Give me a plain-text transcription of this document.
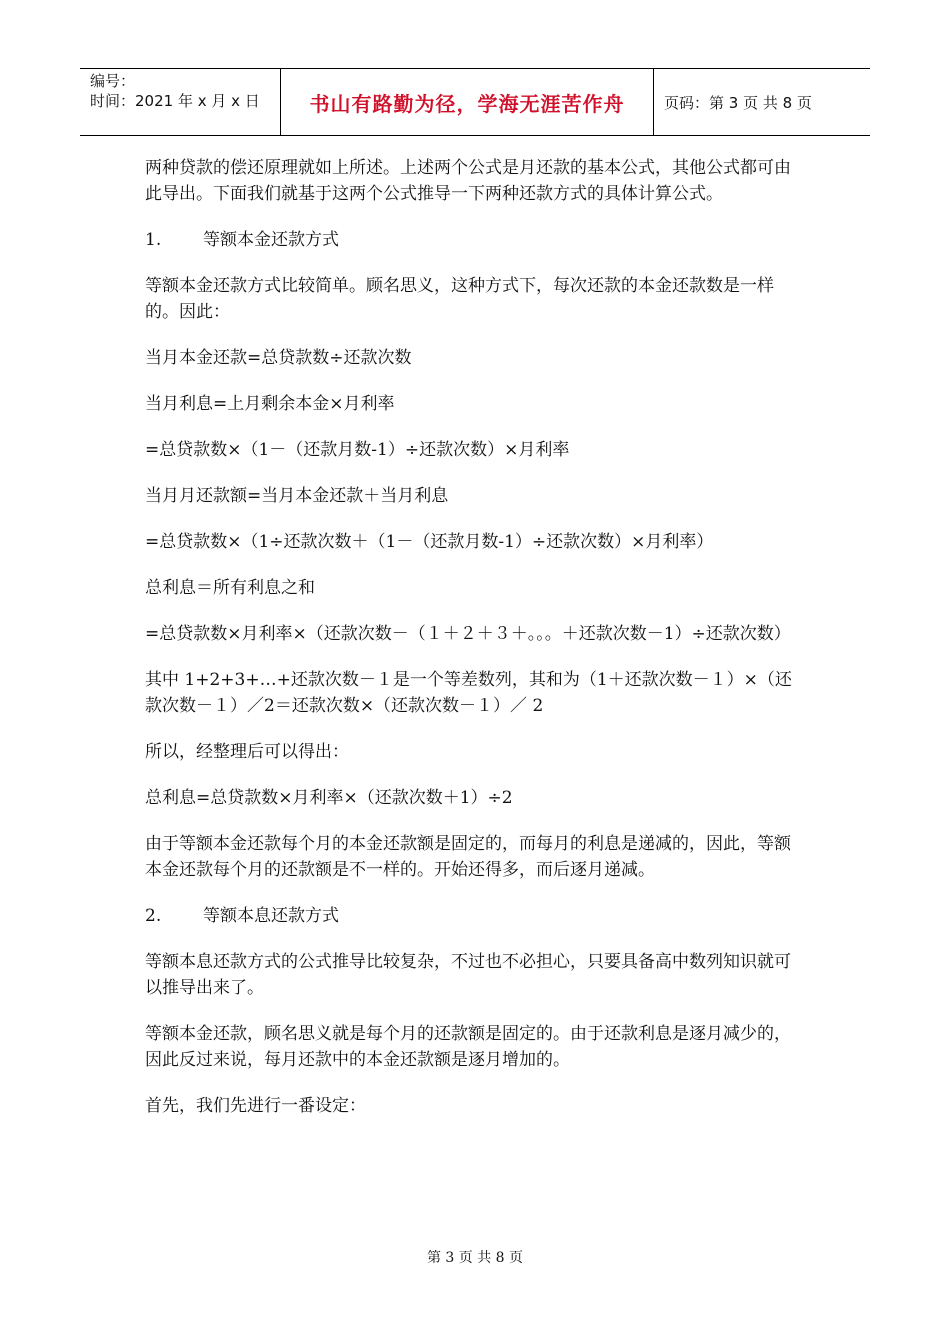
编号：
时间：2021 年 x 月 x 日	书山有路勤为径，学海无涯苦作舟	页码：第 3 页 共 8 页

两种贷款的偿还原理就如上所述。上述两个公式是月还款的基本公式，其他公式都可由此导出。下面我们就基于这两个公式推导一下两种还款方式的具体计算公式。

1. 等额本金还款方式

等额本金还款方式比较简单。顾名思义，这种方式下，每次还款的本金还款数是一样的。因此：

当月本金还款=总贷款数÷还款次数

当月利息=上月剩余本金×月利率

=总贷款数×（1－（还款月数-1）÷还款次数）×月利率

当月月还款额=当月本金还款＋当月利息

=总贷款数×（1÷还款次数＋（1－（还款月数-1）÷还款次数）×月利率）

总利息＝所有利息之和

=总贷款数×月利率×（还款次数－（１＋２＋３＋。。。＋还款次数－1）÷还款次数）

其中 1+2+3+…+还款次数－１是一个等差数列，其和为（1＋还款次数－１）×（还款次数－１）／2＝还款次数×（还款次数－１）／ 2

所以，经整理后可以得出：

总利息=总贷款数×月利率×（还款次数＋1）÷2

由于等额本金还款每个月的本金还款额是固定的，而每月的利息是递减的，因此，等额本金还款每个月的还款额是不一样的。开始还得多，而后逐月递减。

2. 等额本息还款方式

等额本息还款方式的公式推导比较复杂，不过也不必担心，只要具备高中数列知识就可以推导出来了。

等额本金还款，顾名思义就是每个月的还款额是固定的。由于还款利息是逐月减少的，因此反过来说，每月还款中的本金还款额是逐月增加的。

首先，我们先进行一番设定：

第 3 页 共 8 页
